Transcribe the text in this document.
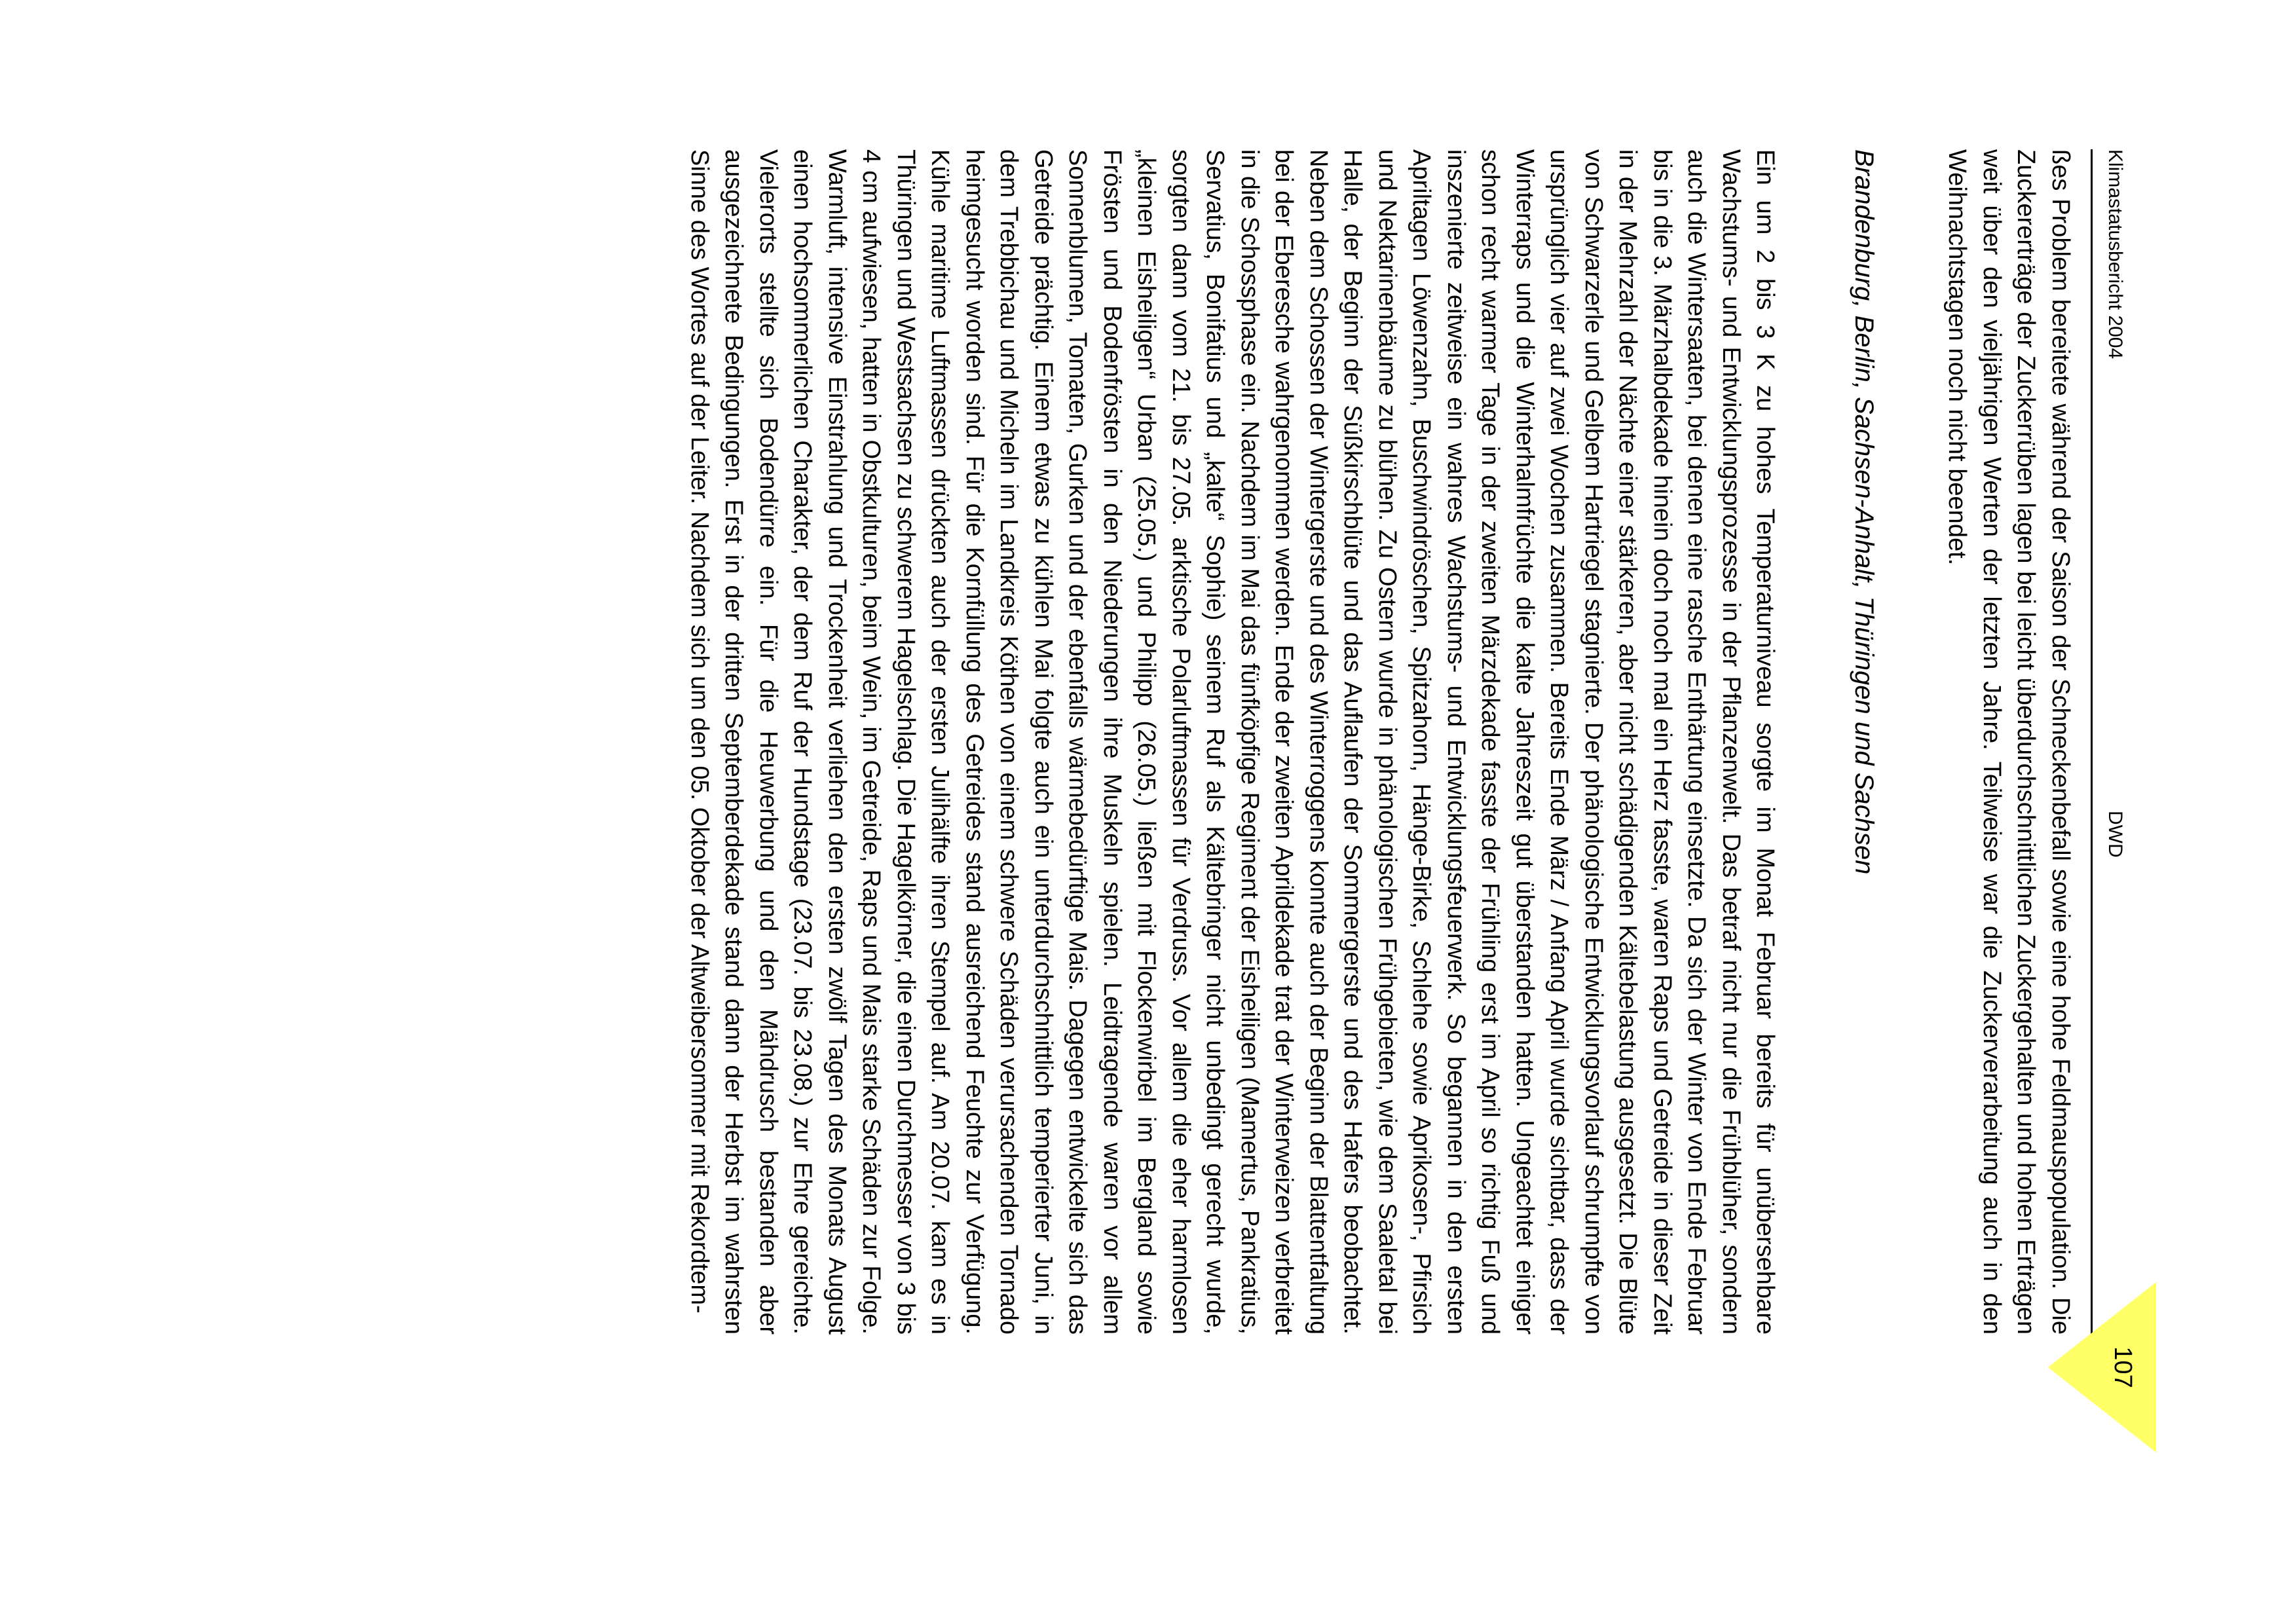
Klimastatusbericht 2004
DWD
107

ßes Problem bereitete während der Saison der Schneckenbefall sowie eine hohe Feldmauspopulation. Die Zuckererträge der Zuckerrüben lagen bei leicht überdurchschnittlichen Zuckergehalten und hohen Erträgen weit über den vieljährigen Werten der letzten Jahre. Teilweise war die Zuckerverarbeitung auch in den Weihnachtstagen noch nicht beendet.

Brandenburg, Berlin, Sachsen-Anhalt, Thüringen und Sachsen

Ein um 2 bis 3 K zu hohes Temperaturniveau sorgte im Monat Februar bereits für unübersehbare Wachstums- und Entwicklungsprozesse in der Pflanzenwelt. Das betraf nicht nur die Frühblüher, sondern auch die Wintersaaten, bei denen eine rasche Enthärtung einsetzte. Da sich der Winter von Ende Februar bis in die 3. Märzhalbdekade hinein doch noch mal ein Herz fasste, waren Raps und Getreide in dieser Zeit in der Mehrzahl der Nächte einer stärkeren, aber nicht schädigenden Kältebelastung ausgesetzt. Die Blüte von Schwarzerle und Gelbem Hartriegel stagnierte. Der phänologische Entwicklungsvorlauf schrumpfte von ursprünglich vier auf zwei Wochen zusammen. Bereits Ende März / Anfang April wurde sichtbar, dass der Winterraps und die Winterhalmfrüchte die kalte Jahreszeit gut überstanden hatten. Ungeachtet einiger schon recht warmer Tage in der zweiten Märzdekade fasste der Frühling erst im April so richtig Fuß und inszenierte zeitweise ein wahres Wachstums- und Entwicklungsfeuerwerk. So begannen in den ersten Apriltagen Löwenzahn, Buschwindröschen, Spitzahorn, Hänge-Birke, Schlehe sowie Aprikosen-, Pfirsich und Nektarinenbäume zu blühen. Zu Ostern wurde in phänologischen Frühgebieten, wie dem Saaletal bei Halle, der Beginn der Süßkirschblüte und das Auflaufen der Sommergerste und des Hafers beobachtet. Neben dem Schossen der Wintergerste und des Winterroggens konnte auch der Beginn der Blattentfaltung bei der Eberesche wahrgenommen werden. Ende der zweiten Aprildekade trat der Winterweizen verbreitet in die Schossphase ein. Nachdem im Mai das fünfköpfige Regiment der Eisheiligen (Mamertus, Pankratius, Servatius, Bonifatius und „kalte“ Sophie) seinem Ruf als Kältebringer nicht unbedingt gerecht wurde, sorgten dann vom 21. bis 27.05. arktische Polarluftmassen für Verdruss. Vor allem die eher harmlosen „kleinen Eisheiligen“ Urban (25.05.) und Philipp (26.05.) ließen mit Flockenwirbel im Bergland sowie Frösten und Bodenfrösten in den Niederungen ihre Muskeln spielen. Leidtragende waren vor allem Sonnenblumen, Tomaten, Gurken und der ebenfalls wärmebedürftige Mais. Dagegen entwickelte sich das Getreide prächtig. Einem etwas zu kühlen Mai folgte auch ein unterdurchschnittlich temperierter Juni, in dem Trebbichau und Micheln im Landkreis Köthen von einem schwere Schäden verursachenden Tornado heimgesucht worden sind. Für die Kornfüllung des Getreides stand ausreichend Feuchte zur Verfügung. Kühle maritime Luftmassen drückten auch der ersten Julihälfte ihren Stempel auf. Am 20.07. kam es in Thüringen und Westsachsen zu schwerem Hagelschlag. Die Hagelkörner, die einen Durchmesser von 3 bis 4 cm aufwiesen, hatten in Obstkulturen, beim Wein, im Getreide, Raps und Mais starke Schäden zur Folge. Warmluft, intensive Einstrahlung und Trockenheit verliehen den ersten zwölf Tagen des Monats August einen hochsommerlichen Charakter, der dem Ruf der Hundstage (23.07. bis 23.08.) zur Ehre gereichte. Vielerorts stellte sich Bodendürre ein. Für die Heuwerbung und den Mähdrusch bestanden aber ausgezeichnete Bedingungen. Erst in der dritten Septemberdekade stand dann der Herbst im wahrsten Sinne des Wortes auf der Leiter. Nachdem sich um den 05. Oktober der Altweibersommer mit Rekordtem-
